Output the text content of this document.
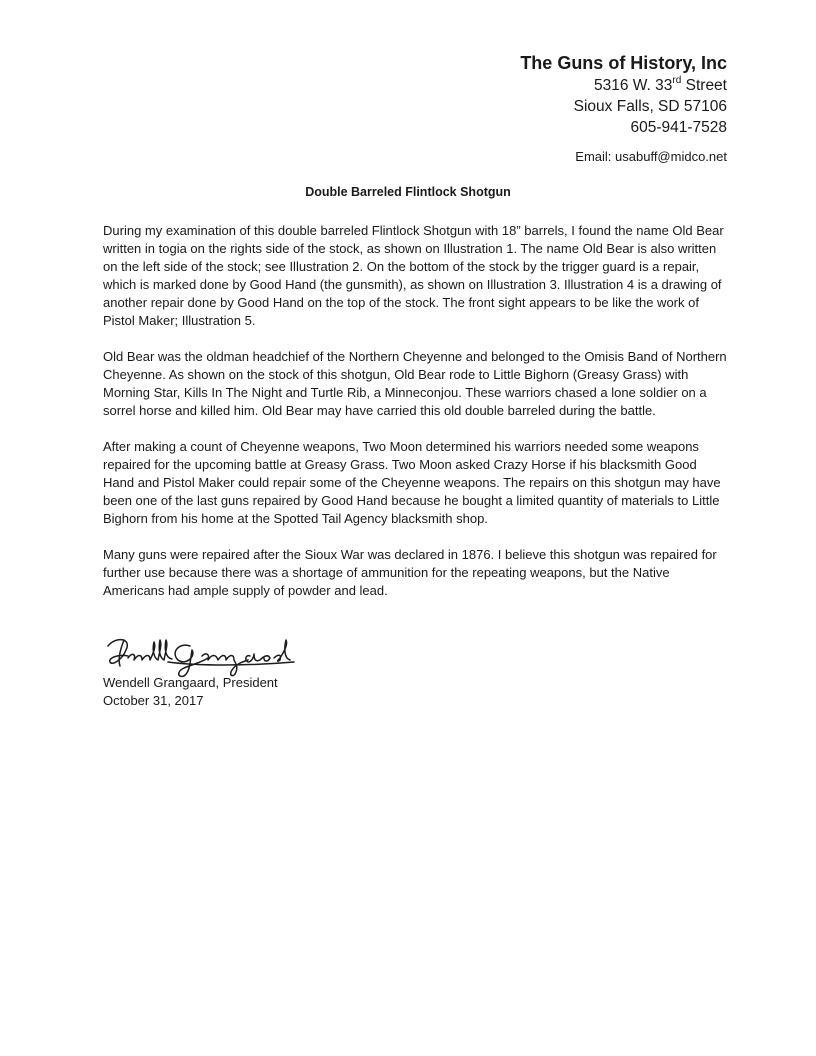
The Guns of History, Inc
5316 W. 33rd Street
Sioux Falls, SD 57106
605-941-7528
Email: usabuff@midco.net
Double Barreled Flintlock Shotgun

During my examination of this double barreled Flintlock Shotgun with 18” barrels, I found the name Old Bear written in togia on the rights side of the stock, as shown on Illustration 1. The name Old Bear is also written on the left side of the stock; see Illustration 2. On the bottom of the stock by the trigger guard is a repair, which is marked done by Good Hand (the gunsmith), as shown on Illustration 3. Illustration 4 is a drawing of another repair done by Good Hand on the top of the stock. The front sight appears to be like the work of Pistol Maker; Illustration 5.

Old Bear was the oldman headchief of the Northern Cheyenne and belonged to the Omisis Band of Northern Cheyenne. As shown on the stock of this shotgun, Old Bear rode to Little Bighorn (Greasy Grass) with Morning Star, Kills In The Night and Turtle Rib, a Minneconjou. These warriors chased a lone soldier on a sorrel horse and killed him. Old Bear may have carried this old double barreled during the battle.

After making a count of Cheyenne weapons, Two Moon determined his warriors needed some weapons repaired for the upcoming battle at Greasy Grass. Two Moon asked Crazy Horse if his blacksmith Good Hand and Pistol Maker could repair some of the Cheyenne weapons. The repairs on this shotgun may have been one of the last guns repaired by Good Hand because he bought a limited quantity of materials to Little Bighorn from his home at the Spotted Tail Agency blacksmith shop.

Many guns were repaired after the Sioux War was declared in 1876. I believe this shotgun was repaired for further use because there was a shortage of ammunition for the repeating weapons, but the Native Americans had ample supply of powder and lead.

Wendell Grangaard, President
October 31, 2017
